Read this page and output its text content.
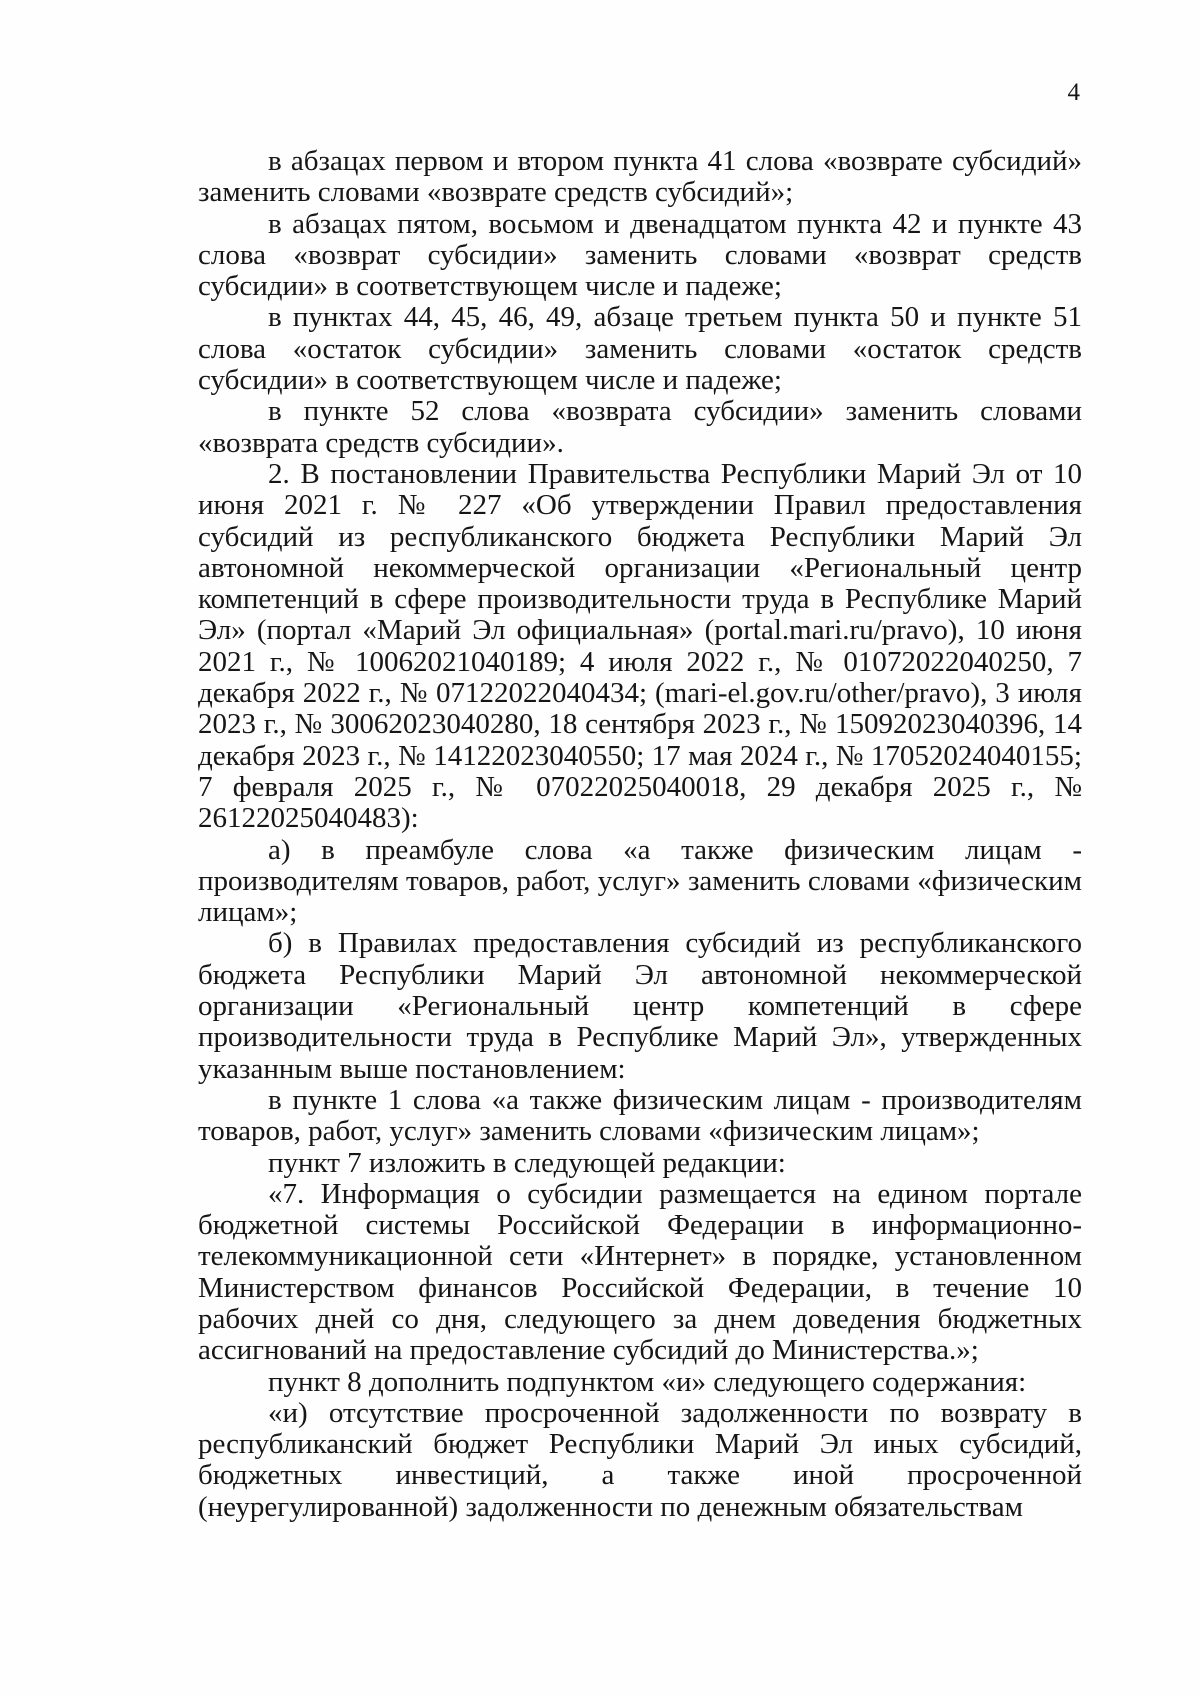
4

в абзацах первом и втором пункта 41 слова «возврате субсидий» заменить словами «возврате средств субсидий»;

в абзацах пятом, восьмом и двенадцатом пункта 42 и пункте 43 слова «возврат субсидии» заменить словами «возврат средств субсидии» в соответствующем числе и падеже;

в пунктах 44, 45, 46, 49, абзаце третьем пункта 50 и пункте 51 слова «остаток субсидии» заменить словами «остаток средств субсидии» в соответствующем числе и падеже;

в пункте 52 слова «возврата субсидии» заменить словами «возврата средств субсидии».

2. В постановлении Правительства Республики Марий Эл от 10 июня 2021 г. № 227 «Об утверждении Правил предоставления субсидий из республиканского бюджета Республики Марий Эл автономной некоммерческой организации «Региональный центр компетенций в сфере производительности труда в Республике Марий Эл» (портал «Марий Эл официальная» (portal.mari.ru/pravo), 10 июня 2021 г., № 10062021040189; 4 июля 2022 г., № 01072022040250, 7 декабря 2022 г., № 07122022040434; (mari-el.gov.ru/other/pravo), 3 июля 2023 г., № 30062023040280, 18 сентября 2023 г., № 15092023040396, 14 декабря 2023 г., № 14122023040550; 17 мая 2024 г., № 17052024040155; 7 февраля 2025 г., № 07022025040018, 29 декабря 2025 г., № 26122025040483):

а) в преамбуле слова «а также физическим лицам - производителям товаров, работ, услуг» заменить словами «физическим лицам»;

б) в Правилах предоставления субсидий из республиканского бюджета Республики Марий Эл автономной некоммерческой организации «Региональный центр компетенций в сфере производительности труда в Республике Марий Эл», утвержденных указанным выше постановлением:

в пункте 1 слова «а также физическим лицам - производителям товаров, работ, услуг» заменить словами «физическим лицам»;

пункт 7 изложить в следующей редакции:

«7. Информация о субсидии размещается на едином портале бюджетной системы Российской Федерации в информационно-телекоммуникационной сети «Интернет» в порядке, установленном Министерством финансов Российской Федерации, в течение 10 рабочих дней со дня, следующего за днем доведения бюджетных ассигнований на предоставление субсидий до Министерства.»;

пункт 8 дополнить подпунктом «и» следующего содержания:

«и) отсутствие просроченной задолженности по возврату в республиканский бюджет Республики Марий Эл иных субсидий, бюджетных инвестиций, а также иной просроченной (неурегулированной) задолженности по денежным обязательствам
